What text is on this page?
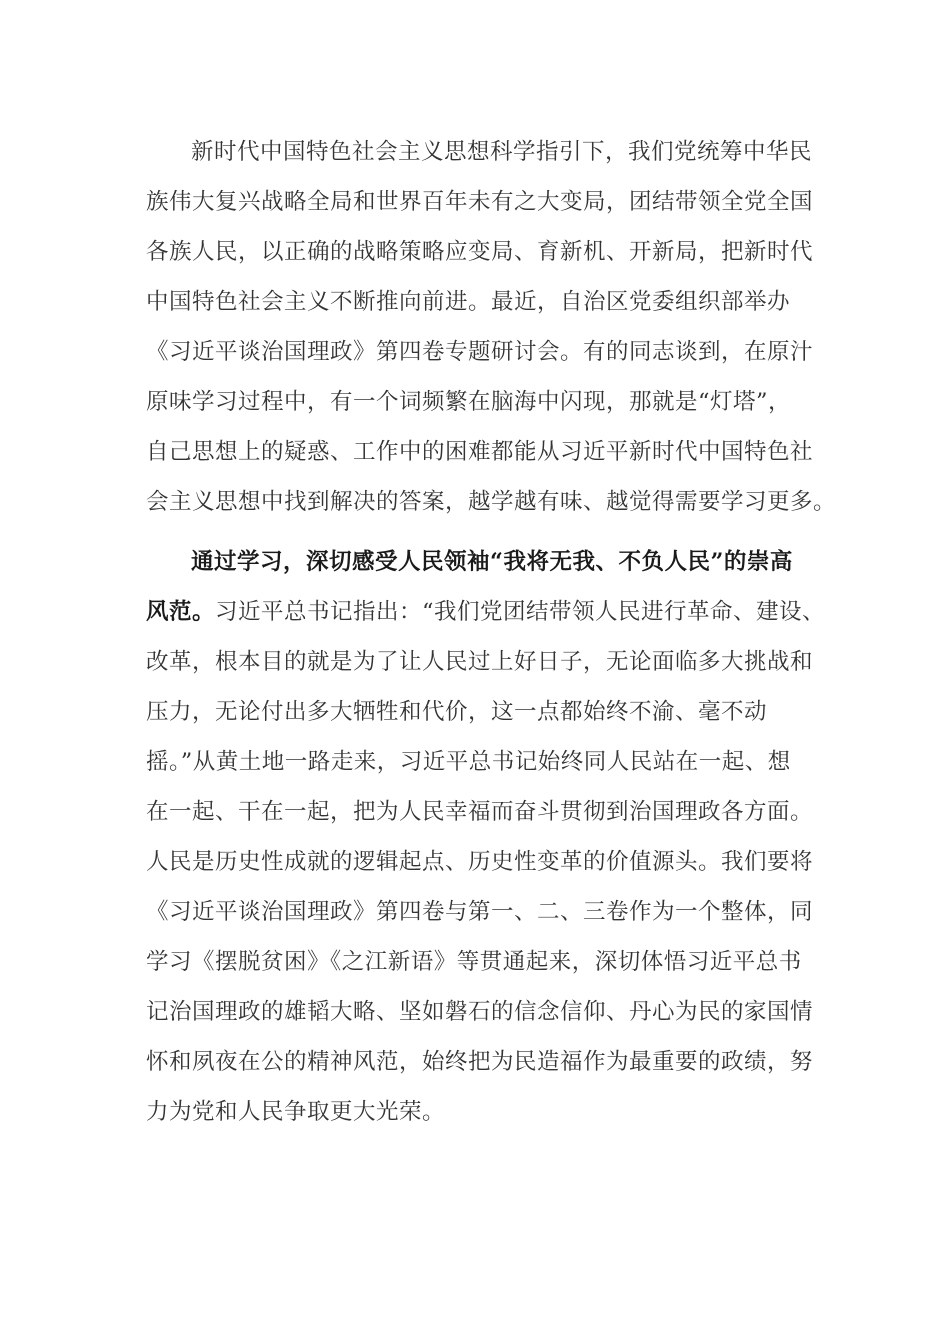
新时代中国特色社会主义思想科学指引下，我们党统筹中华民
族伟大复兴战略全局和世界百年未有之大变局，团结带领全党全国
各族人民，以正确的战略策略应变局、育新机、开新局，把新时代
中国特色社会主义不断推向前进。最近，自治区党委组织部举办
《习近平谈治国理政》第四卷专题研讨会。有的同志谈到，在原汁
原味学习过程中，有一个词频繁在脑海中闪现，那就是“灯塔”，
自己思想上的疑惑、工作中的困难都能从习近平新时代中国特色社
会主义思想中找到解决的答案，越学越有味、越觉得需要学习更多。
通过学习，深切感受人民领袖“我将无我、不负人民”的崇高
风范。习近平总书记指出：“我们党团结带领人民进行革命、建设、
改革，根本目的就是为了让人民过上好日子，无论面临多大挑战和
压力，无论付出多大牺牲和代价，这一点都始终不渝、毫不动
摇。”从黄土地一路走来，习近平总书记始终同人民站在一起、想
在一起、干在一起，把为人民幸福而奋斗贯彻到治国理政各方面。
人民是历史性成就的逻辑起点、历史性变革的价值源头。我们要将
《习近平谈治国理政》第四卷与第一、二、三卷作为一个整体，同
学习《摆脱贫困》《之江新语》等贯通起来，深切体悟习近平总书
记治国理政的雄韬大略、坚如磐石的信念信仰、丹心为民的家国情
怀和夙夜在公的精神风范，始终把为民造福作为最重要的政绩，努
力为党和人民争取更大光荣。
